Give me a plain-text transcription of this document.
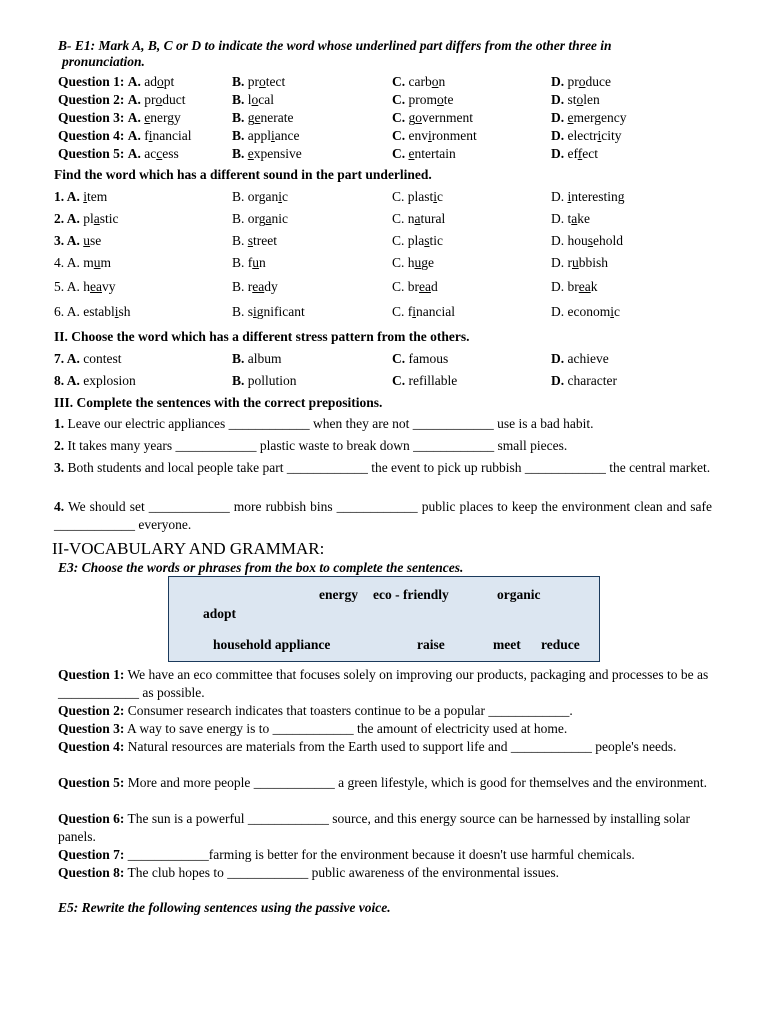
B- E1: Mark A, B, C or D to indicate the word whose underlined part differs from the other three in
pronunciation.
Question 1: A. adopt	B. protect	C. carbon	D. produce
Question 2: A. product	B. local	C. promote	D. stolen
Question 3: A. energy	B. generate	C. government	D. emergency
Question 4: A. financial	B. appliance	C. environment	D. electricity
Question 5: A. access	B. expensive	C. entertain	D. effect
Find the word which has a different sound in the part underlined.
1. A. item	B. organic	C. plastic	D. interesting
2. A. plastic	B. organic	C. natural	D. take
3. A. use	B. street	C. plastic	D. household
4. A. mum	B. fun	C. huge	D. rubbish
5. A. heavy	B. ready	C. bread	D. break
6. A. establish	B. significant	C. financial	D. economic
II. Choose the word which has a different stress pattern from the others.
7. A. contest	B. album	C. famous	D. achieve
8. A. explosion	B. pollution	C. refillable	D. character
III. Complete the sentences with the correct prepositions.
1. Leave our electric appliances ____________ when they are not ____________ use is a bad habit.
2. It takes many years ____________ plastic waste to break down ____________ small pieces.
3. Both students and local people take part ____________ the event to pick up rubbish ____________ the central market.
4. We should set ____________ more rubbish bins ____________ public places to keep the environment clean and safe ____________ everyone.
II-VOCABULARY AND GRAMMAR:
E3: Choose the words or phrases from the box to complete the sentences.
energy eco - friendly	organic
adopt
household appliance	raise	meet reduce
Question 1: We have an eco committee that focuses solely on improving our products, packaging and processes to be as ____________ as possible.
Question 2: Consumer research indicates that toasters continue to be a popular ____________.
Question 3: A way to save energy is to ____________ the amount of electricity used at home.
Question 4: Natural resources are materials from the Earth used to support life and ____________ people's needs.
Question 5: More and more people ____________ a green lifestyle, which is good for themselves and the environment.
Question 6: The sun is a powerful ____________ source, and this energy source can be harnessed by installing solar panels.
Question 7: ____________farming is better for the environment because it doesn't use harmful chemicals.
Question 8: The club hopes to ____________ public awareness of the environmental issues.
E5: Rewrite the following sentences using the passive voice.
